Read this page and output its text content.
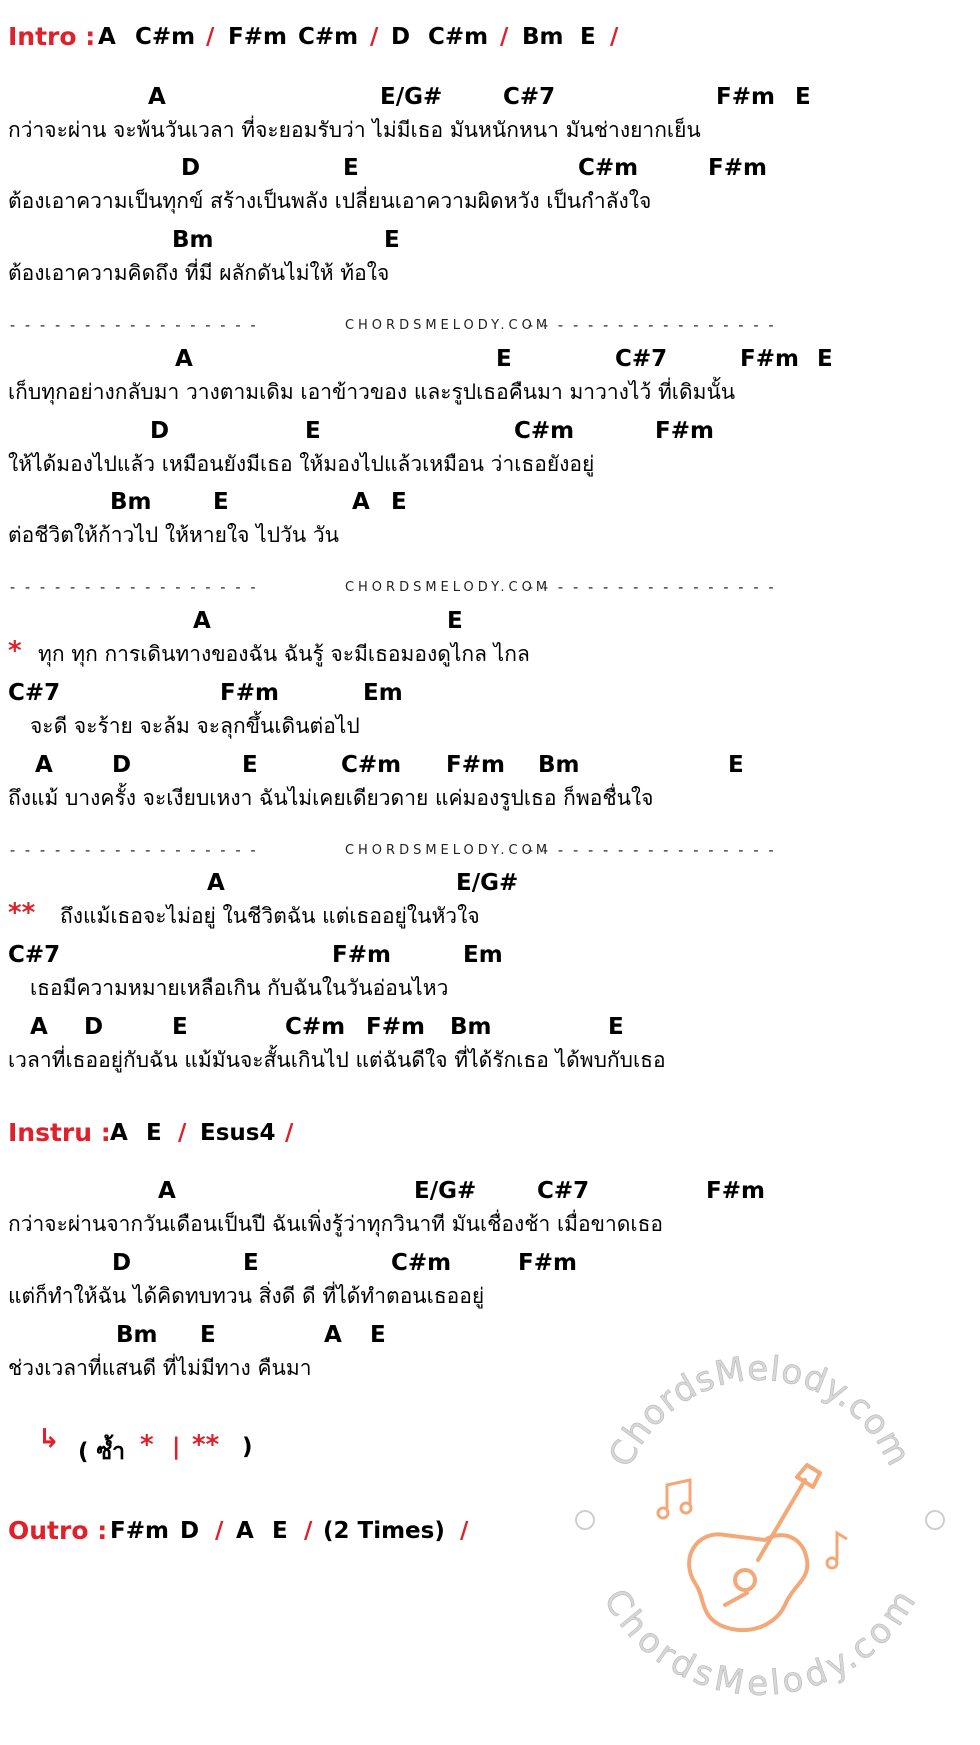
Intro : A C#m / F#m C#m / D C#m / Bm E /
A	E/G#	C#7	F#m E
กว่าจะผ่าน จะพ้นวันเวลา ที่จะยอมรับว่า ไม่มีเธอ มันหนักหนา มันช่างยากเย็น
D	E	C#m	F#m
ต้องเอาความเป็นทุกข์ สร้างเป็นพลัง เปลี่ยนเอาความผิดหวัง เป็นกำลังใจ
Bm	E
ต้องเอาความคิดถึง ที่มี ผลักดันไม่ให้ ท้อใจ
-----------------	-----------------
CHORDSMELODY.COM
A	E	C#7	F#m E
เก็บทุกอย่างกลับมา วางตามเดิม เอาข้าวของ และรูปเธอคืนมา มาวางไว้ ที่เดิมนั้น
D	E	C#m	F#m
ให้ได้มองไปแล้ว เหมือนยังมีเธอ ให้มองไปแล้วเหมือน ว่าเธอยังอยู่
Bm	E	A E
ต่อชีวิตให้ก้าวไป ให้หายใจ ไปวัน วัน
-----------------	-----------------
CHORDSMELODY.COM
A	E
* ทุก ทุก การเดินทางของฉัน ฉันรู้ จะมีเธอมองดูไกล ไกล
C#7	F#m	Em
จะดี จะร้าย จะล้ม จะลุกขึ้นเดินต่อไป
A	D	E	C#m F#m Bm	E
ถึงแม้ บางครั้ง จะเงียบเหงา ฉันไม่เคยเดียวดาย แค่มองรูปเธอ ก็พอชื่นใจ
-----------------	-----------------
CHORDSMELODY.COM
A	E/G#
** ถึงแม้เธอจะไม่อยู่ ในชีวิตฉัน แต่เธออยู่ในหัวใจ
C#7	F#m	Em
เธอมีความหมายเหลือเกิน กับฉันในวันอ่อนไหว
A D	E	C#m F#m Bm	E
เวลาที่เธออยู่กับฉัน แม้มันจะสั้นเกินไป แต่ฉันดีใจ ที่ได้รักเธอ ได้พบกับเธอ
Instru : A E / Esus4 /
A	E/G#	C#7	F#m
กว่าจะผ่านจากวันเดือนเป็นปี ฉันเพิ่งรู้ว่าทุกวินาที มันเชื่องช้า เมื่อขาดเธอ
D	E	C#m	F#m
แต่ก็ทำให้ฉัน ได้คิดทบทวน สิ่งดี ดี ที่ได้ทำตอนเธออยู่
Bm E	A E
ช่วงเวลาที่แสนดี ที่ไม่มีทาง คืนมา
↳ ( ซ้ำ * | ** )
Outro : F#m D / A E / (2 Times) /
ChordsMelody.com
ChordsMelody.com
